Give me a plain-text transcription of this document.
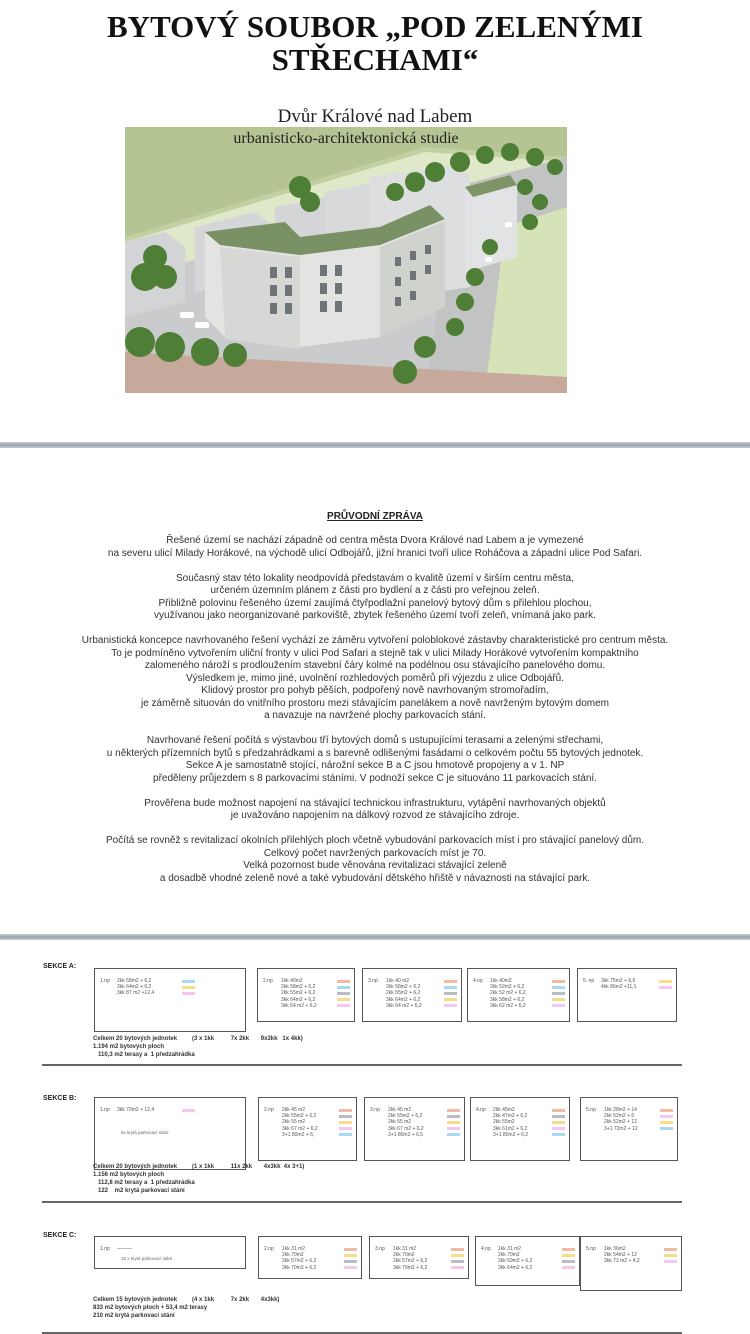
BYTOVÝ SOUBOR „POD ZELENÝMI
STŘECHAMI“
Dvůr Králové nad Labem
urbanisticko-architektonická studie
PRŮVODNÍ ZPRÁVA

Řešené území se nachází západně od centra města Dvora Králové nad Labem a je vymezené
na severu ulicí Milady Horákové, na východě ulicí Odbojářů, jižní hranici tvoří ulice Roháčova a západní ulice Pod Safari.

Současný stav této lokality neodpovídá představám o kvalitě území v širším centru města,
určeném územním plánem z části pro bydlení a z části pro veřejnou zeleň.
Přibližně polovinu řešeného území zaujímá čtyřpodlažní panelový bytový dům s přilehlou plochou,
využívanou jako neorganizované parkoviště, zbytek řešeného území tvoří zeleň, vnímaná jako park.

Urbanistická koncepce navrhovaného řešení vychází ze záměru vytvoření poloblokové zástavby charakteristické pro centrum města.
To je podmíněno vytvořením uliční fronty v ulici Pod Safari a stejně tak v ulici Milady Horákové vytvořením kompaktního
zalomeného nároží s prodloužením stavební čáry kolmé na podélnou osu stávajícího panelového domu.
Výsledkem je, mimo jiné, uvolnění rozhledových poměrů při výjezdu z ulice Odbojářů.
Klidový prostor pro pohyb pěších, podpořený nově navrhovaným stromořadím,
je záměrně situován do vnitřního prostoru mezi stávajícím panelákem a nově navrženým bytovým domem
a navazuje na navržené plochy parkovacích stání.

Navrhované řešení počítá s výstavbou tří bytových domů s ustupujícími terasami a zelenými střechami,
u některých přízemních bytů s předzahrádkami a s barevně odlišenými fasádami o celkovém počtu 55 bytových jednotek.
Sekce A je samostatně stojící, nárožní sekce B a C jsou hmotově propojeny a v 1. NP
předěleny průjezdem s 8 parkovacími stáními. V podnoží sekce C je situováno 11 parkovacích stání.

Prověřena bude možnost napojení na stávající technickou infrastrukturu, vytápění navrhovaných objektů
je uvažováno napojením na dálkový rozvod ze stávajícího zdroje.

Počítá se rovněž s revitalizací okolních přilehlých ploch včetně vybudování parkovacích míst i pro stávající panelový dům.
Celkový počet navržených parkovacích míst je 70.
Velká pozornost bude věnována revitalizaci stávající zeleně
a dosadbě vhodné zeleně nové a také vybudování dětského hřiště v návaznosti na stávající park.

SEKCE A:
1.np 2kk 58m2 + 6,2
3kk 64m2 + 6,2
3kk 87 m2 +12,4
2.np 1kk 40m2
2kk 58m2 + 6,2
2kk 55m2 + 6,2
3kk 64m2 + 6,2
3kk 64 m2 + 6,2
3.np 1kk 40 m2
2kk 58m2 + 6,2
2kk 55m2 + 6,2
3kk 64m2 + 6,2
3kk 64 m2 + 6,2
4.np 1kk 40m2
2kk 52m2 + 6,2
2kk 52 m2 + 6,2
3kk 58m2 + 6,2
3kk 62 m2 + 6,2
5. np 3kk 75m2 + 6,6
4kk 86m2 +11,1
Celkem 20 bytových jednotek         (3 x 1kk          7x 2kk       9x3kk   1x 4kk)
1.194 m2 bytových ploch
110,3 m2 terasy a  1 předzahrádka
SEKCE B:
1.np 3kk 70m2 + 12,4
9x krytá parkovací stání
2.np 2kk 45 m2
2kk 55m2 + 6,2
2kk 55 m2
3kk 67 m2 + 6,2
3+1 80m2 + 6,
3.np 2kk 45 m2
2kk 55m2 + 6,2
2kk 55 m2
3kk 67 m2 + 6,2
3+1 80m2 + 6,5
4.np 2kk 45m2
2kk 47m2 + 6,2
2kk 55m2
3kk 61m2 + 6,2
3+1 80m2 + 6,2
5.np 1kk 28m2 + 14
2kk 52m2 + 6
2kk 52m2 + 12
3+1 72m2 + 12
Celkem 20 bytových jednotek         (1 x 1kk          11x 2kk       4x3kk  4x 3+1)
1.156 m2 bytových ploch
112,8 m2 terasy a  1 předzahrádka
122    m2 krytá parkovací stání
SEKCE C:
1.np ———
15 x krytá parkovací stání
2.np 1kk 31 m2
2kk 70m2
2kk 57m2 + 6,2
3kk 70m2 + 6,2
3.np 1kk 31 m2
2kk 70m2
2kk 57m2 + 6,2
3kk 70m2 + 6,2
4.np 1kk 31 m2
2kk 70m2
2kk 59m2 + 6,2
3kk 64m2 + 6,2
5.np 1kk 36m2
2kk 54m2 + 12
3kk 72 m2 + 4,2
Celkem 15 bytových jednotek         (4 x 1kk          7x 2kk       4x3kk)
833 m2 bytových ploch + 53,4 m2 terasy
210 m2 krytá parkovací stání
